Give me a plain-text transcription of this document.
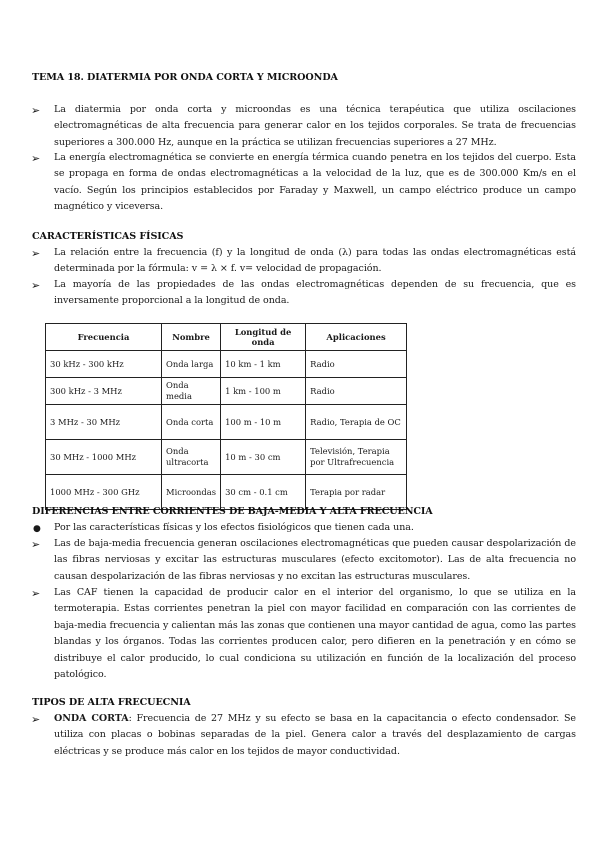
TEMA 18. DIATERMIA POR ONDA CORTA Y MICROONDA
➢ La diatermia por onda corta y microondas es una técnica terapéutica que utiliza oscilaciones electromagnéticas de alta frecuencia para generar calor en los tejidos corporales. Se trata de frecuencias superiores a 300.000 Hz, aunque en la práctica se utilizan frecuencias superiores a 27 MHz.
➢ La energía electromagnética se convierte en energía térmica cuando penetra en los tejidos del cuerpo. Esta se propaga en forma de ondas electromagnéticas a la velocidad de la luz, que es de 300.000 Km/s en el vacío. Según los principios establecidos por Faraday y Maxwell, un campo eléctrico produce un campo magnético y viceversa.
CARACTERÍSTICAS FÍSICAS
➢ La relación entre la frecuencia (f) y la longitud de onda (λ) para todas las ondas electromagnéticas está determinada por la fórmula: v = λ × f. v= velocidad de propagación.
➢ La mayoría de las propiedades de las ondas electromagnéticas dependen de su frecuencia, que es inversamente proporcional a la longitud de onda.
Frecuencia	Nombre	Longitud de onda	Aplicaciones
30 kHz - 300 kHz	Onda larga	10 km - 1 km	Radio
300 kHz - 3 MHz	Onda media	1 km - 100 m	Radio
3 MHz - 30 MHz	Onda corta	100 m - 10 m	Radio, Terapia de OC
30 MHz - 1000 MHz	Onda ultracorta	10 m - 30 cm	Televisión, Terapia por Ultrafrecuencia
1000 MHz - 300 GHz	Microondas	30 cm - 0.1 cm	Terapia por radar
DIFERENCIAS ENTRE CORRIENTES DE BAJA-MEDIA Y ALTA FRECUENCIA
● Por las características físicas y los efectos fisiológicos que tienen cada una.
➢ Las de baja-media frecuencia generan oscilaciones electromagnéticas que pueden causar despolarización de las fibras nerviosas y excitar las estructuras musculares (efecto excitomotor). Las de alta frecuencia no causan despolarización de las fibras nerviosas y no excitan las estructuras musculares.
➢ Las CAF tienen la capacidad de producir calor en el interior del organismo, lo que se utiliza en la termoterapia. Estas corrientes penetran la piel con mayor facilidad en comparación con las corrientes de baja-media frecuencia y calientan más las zonas que contienen una mayor cantidad de agua, como las partes blandas y los órganos. Todas las corrientes producen calor, pero difieren en la penetración y en cómo se distribuye el calor producido, lo cual condiciona su utilización en función de la localización del proceso patológico.
TIPOS DE ALTA FRECUECNIA
➢ ONDA CORTA: Frecuencia de 27 MHz y su efecto se basa en la capacitancia o efecto condensador. Se utiliza con placas o bobinas separadas de la piel. Genera calor a través del desplazamiento de cargas eléctricas y se produce más calor en los tejidos de mayor conductividad.
